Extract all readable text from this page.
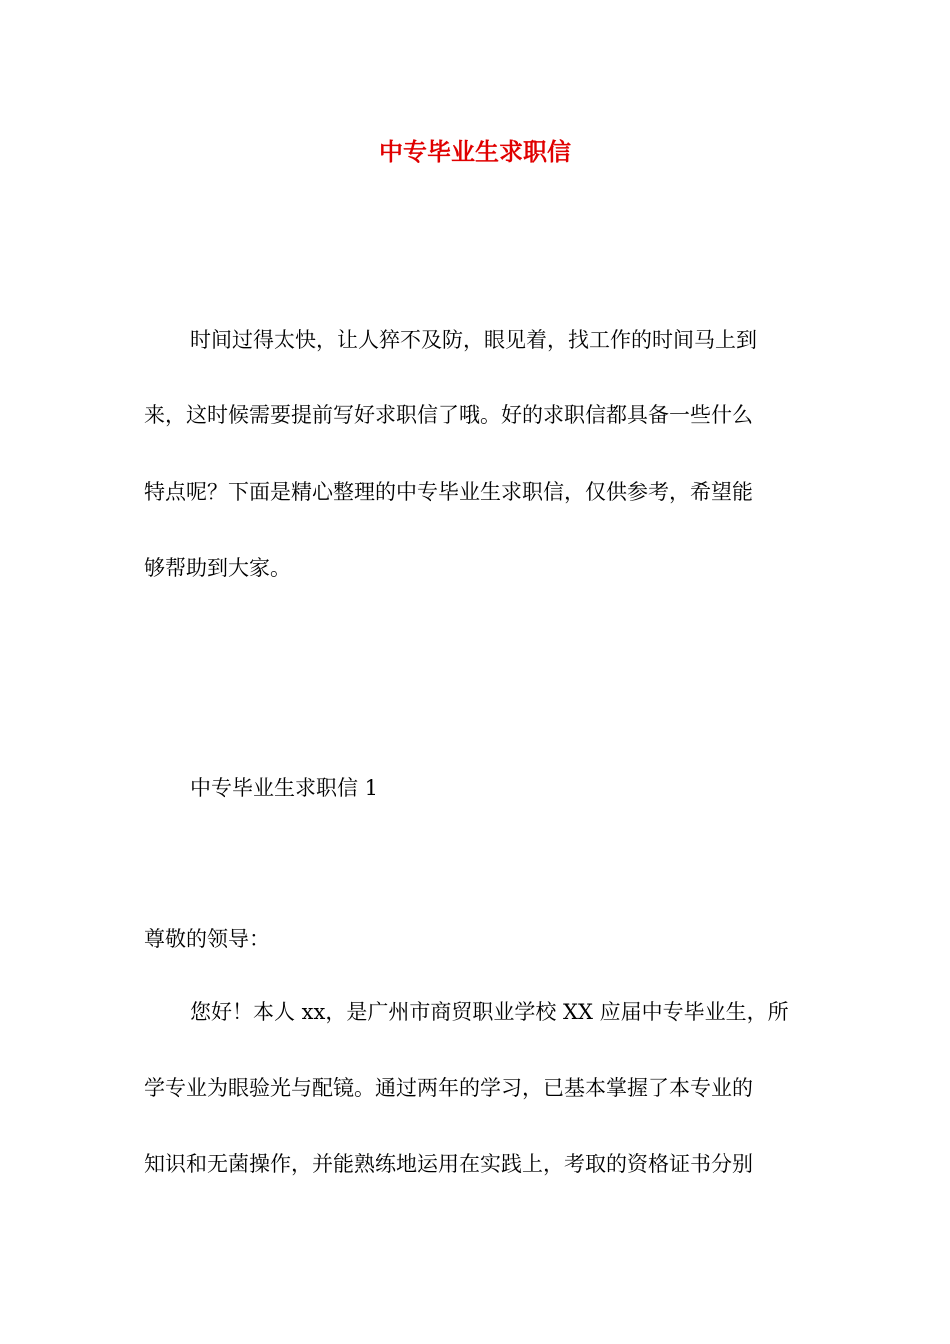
中专毕业生求职信
时间过得太快，让人猝不及防，眼见着，找工作的时间马上到
来，这时候需要提前写好求职信了哦。好的求职信都具备一些什么
特点呢？下面是精心整理的中专毕业生求职信，仅供参考，希望能
够帮助到大家。
中专毕业生求职信 1
尊敬的领导：
您好！本人 xx，是广州市商贸职业学校 XX 应届中专毕业生，所
学专业为眼验光与配镜。通过两年的学习，已基本掌握了本专业的
知识和无菌操作，并能熟练地运用在实践上，考取的资格证书分别
